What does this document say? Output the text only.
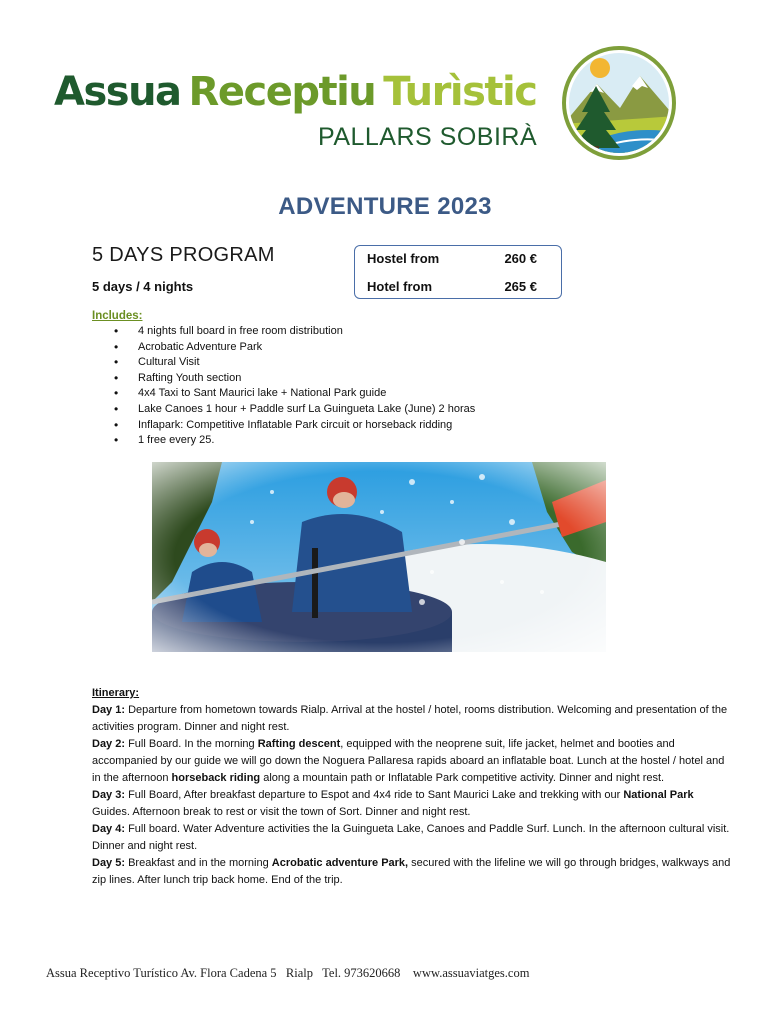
Assua Receptiu Turìstic
PALLARS SOBIRÀ
ADVENTURE 2023
5 DAYS PROGRAM
5 days / 4 nights
Hostel from	260 €
Hotel from	265 €
Includes:
• 4 nights full board in free room distribution
• Acrobatic Adventure Park
• Cultural Visit
• Rafting Youth section
• 4x4 Taxi to Sant Maurici lake + National Park guide
• Lake Canoes 1 hour + Paddle surf La Guingueta Lake (June) 2 horas
• Inflapark: Competitive Inflatable Park circuit or horseback ridding
• 1 free every 25.
Itinerary:

Day 1: Departure from hometown towards Rialp. Arrival at the hostel / hotel, rooms distribution. Welcoming and presentation of the activities program. Dinner and night rest.

Day 2: Full Board. In the morning Rafting descent, equipped with the neoprene suit, life jacket, helmet and booties and accompanied by our guide we will go down the Noguera Pallaresa rapids aboard an inflatable boat. Lunch at the hostel / hotel and in the afternoon horseback riding along a mountain path or Inflatable Park competitive activity. Dinner and night rest.

Day 3: Full Board, After breakfast departure to Espot and 4x4 ride to Sant Maurici Lake and trekking with our National Park Guides. Afternoon break to rest or visit the town of Sort. Dinner and night rest.

Day 4: Full board. Water Adventure activities the la Guingueta Lake, Canoes and Paddle Surf. Lunch. In the afternoon cultural visit. Dinner and night rest.

Day 5: Breakfast and in the morning Acrobatic adventure Park, secured with the lifeline we will go through bridges, walkways and zip lines. After lunch trip back home. End of the trip.

Assua Receptivo Turístico Av. Flora Cadena 5   Rialp   Tel. 973620668    www.assuaviatges.com
